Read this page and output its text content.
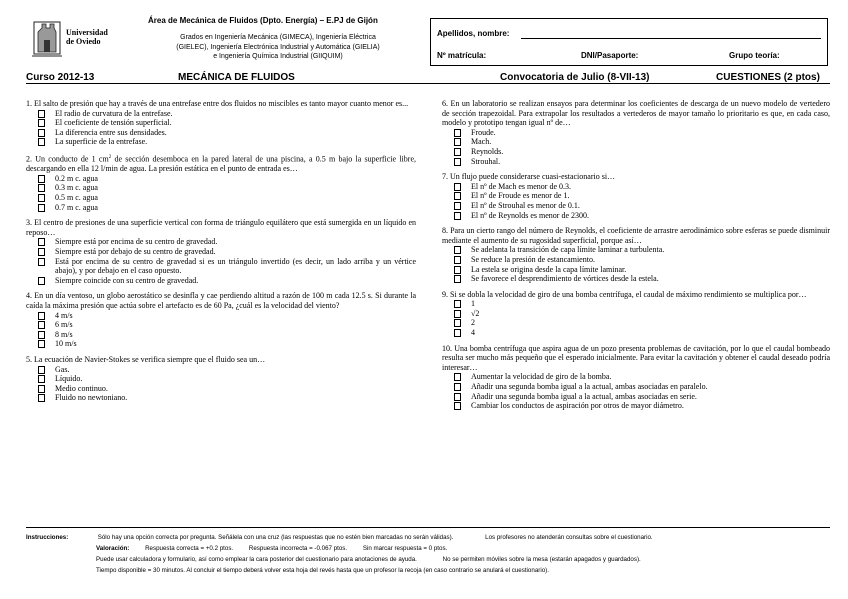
Universidad
de Oviedo
Área de Mecánica de Fluidos (Dpto. Energía) – E.PJ de Gijón
Grados en Ingeniería Mecánica (GIMECA), Ingeniería Eléctrica
(GIELEC), Ingeniería Electrónica Industrial y Automática (GIELIA)
e Ingeniería Química Industrial (GIIQUIM)
Apellidos, nombre:
Nº matrícula:	DNI/Pasaporte:	Grupo teoría:
Curso 2012-13	MECÁNICA DE FLUIDOS	Convocatoria de Julio (8-VII-13)	CUESTIONES (2 ptos)
1. El salto de presión que hay a través de una entrefase entre dos fluidos no miscibles es tanto mayor cuanto menor es...
El radio de curvatura de la entrefase.
El coeficiente de tensión superficial.
La diferencia entre sus densidades.
La superficie de la entrefase.
2. Un conducto de 1 $cm^2$ de sección desemboca en la pared lateral de una piscina, a 0.5 m bajo la superficie libre, descargando en ella 12 l/min de agua. La presión estática en el punto de entrada es…
0.2 m c. agua
0.3 m c. agua
0.5 m c. agua
0.7 m c. agua
3. El centro de presiones de una superficie vertical con forma de triángulo equilátero que está sumergida en un líquido en reposo…
Siempre está por encima de su centro de gravedad.
Siempre está por debajo de su centro de gravedad.
Está por encima de su centro de gravedad si es un triángulo invertido (es decir, un lado arriba y un vértice abajo), y por debajo en el caso opuesto.
Siempre coincide con su centro de gravedad.
4. En un día ventoso, un globo aerostático se desinfla y cae perdiendo altitud a razón de 100 m cada 12.5 s. Si durante la caída la máxima presión que actúa sobre el artefacto es de 60 Pa, ¿cuál es la velocidad del viento?
4 m/s
6 m/s
8 m/s
10 m/s
5. La ecuación de Navier-Stokes se verifica siempre que el fluido sea un…
Gas.
Líquido.
Medio continuo.
Fluido no newtoniano.
6. En un laboratorio se realizan ensayos para determinar los coeficientes de descarga de un nuevo modelo de vertedero de sección trapezoidal. Para extrapolar los resultados a vertederos de mayor tamaño lo prioritario es que, en cada caso, modelo y prototipo tengan igual nº de…
Froude.
Mach.
Reynolds.
Strouhal.
7. Un flujo puede considerarse cuasi-estacionario si…
El nº de Mach es menor de 0.3.
El nº de Froude es menor de 1.
El nº de Strouhal es menor de 0.1.
El nº de Reynolds es menor de 2300.
8. Para un cierto rango del número de Reynolds, el coeficiente de arrastre aerodinámico sobre esferas se puede disminuir mediante el aumento de su rugosidad superficial, porque así…
Se adelanta la transición de capa límite laminar a turbulenta.
Se reduce la presión de estancamiento.
La estela se origina desde la capa límite laminar.
Se favorece el desprendimiento de vórtices desde la estela.
9. Si se dobla la velocidad de giro de una bomba centrífuga, el caudal de máximo rendimiento se multiplica por…
1
√2
2
4
10. Una bomba centrífuga que aspira agua de un pozo presenta problemas de cavitación, por lo que el caudal bombeado resulta ser mucho más pequeño que el esperado inicialmente. Para evitar la cavitación y obtener el caudal deseado podría interesar…
Aumentar la velocidad de giro de la bomba.
Añadir una segunda bomba igual a la actual, ambas asociadas en paralelo.
Añadir una segunda bomba igual a la actual, ambas asociadas en serie.
Cambiar los conductos de aspiración por otros de mayor diámetro.
Instrucciones:	Sólo hay una opción correcta por pregunta. Señálela con una cruz (las respuestas que no estén bien marcadas no serán válidas).	Los profesores no atenderán consultas sobre el cuestionario.
Valoración:	Respuesta correcta = +0.2 ptos.	Respuesta incorrecta = -0.067 ptos.	Sin marcar respuesta = 0 ptos.
Puede usar calculadora y formulario, así como emplear la cara posterior del cuestionario para anotaciones de ayuda.	No se permiten móviles sobre la mesa (estarán apagados y guardados).
Tiempo disponible = 30 minutos. Al concluir el tiempo deberá volver esta hoja del revés hasta que un profesor la recoja (en caso contrario se anulará el cuestionario).
